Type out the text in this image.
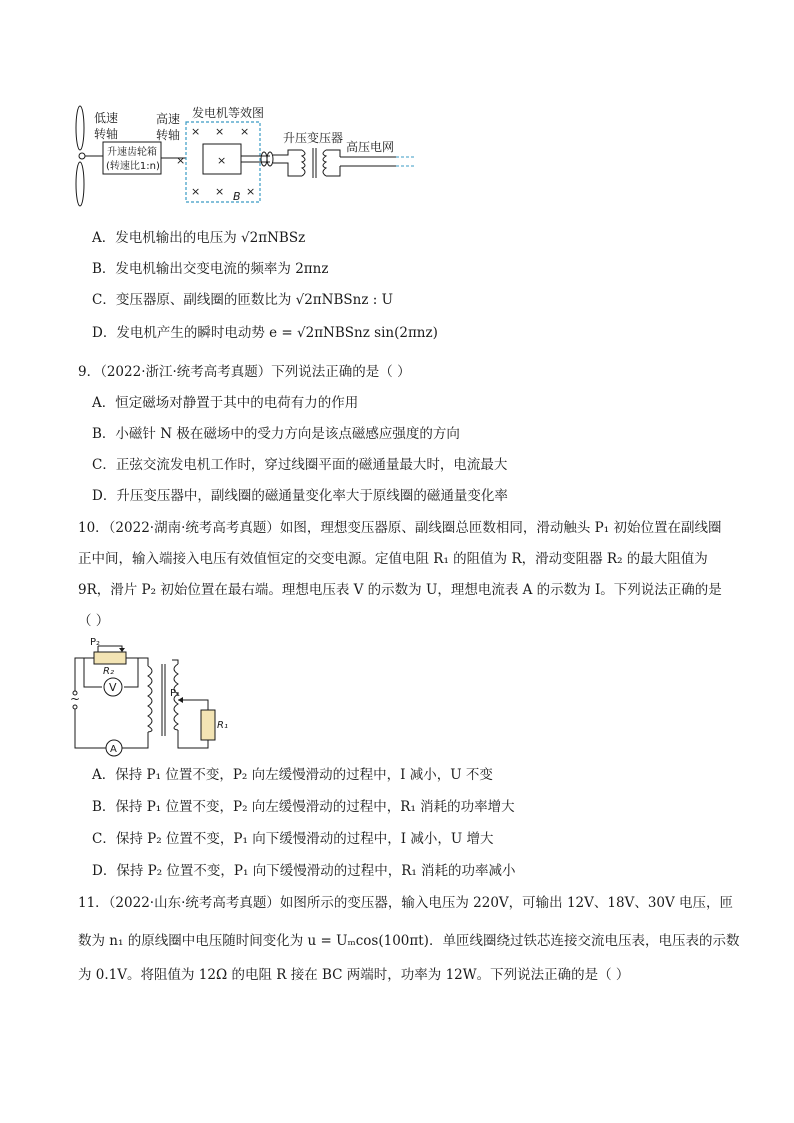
低速
转轴
升速齿轮箱
(转速比1:n)
高速
转轴
发电机等效图
× × ×
×	×
× × ×
B
升压变压器
高压电网
A．发电机输出的电压为 √2πNBSz
B．发电机输出交变电流的频率为 2πnz
C．变压器原、副线圈的匝数比为 √2πNBSnz : U
D．发电机产生的瞬时电动势 e = √2πNBSnz sin(2πnz)
9．（2022·浙江·统考高考真题）下列说法正确的是（ ）
A．恒定磁场对静置于其中的电荷有力的作用
B．小磁针 N 极在磁场中的受力方向是该点磁感应强度的方向
C．正弦交流发电机工作时，穿过线圈平面的磁通量最大时，电流最大
D．升压变压器中，副线圈的磁通量变化率大于原线圈的磁通量变化率
10．（2022·湖南·统考高考真题）如图，理想变压器原、副线圈总匝数相同，滑动触头 P₁ 初始位置在副线圈
正中间，输入端接入电压有效值恒定的交变电源。定值电阻 R₁ 的阻值为 R，滑动变阻器 R₂ 的最大阻值为
9R，滑片 P₂ 初始位置在最右端。理想电压表 V 的示数为 U，理想电流表 A 的示数为 I。下列说法正确的是
（ ）
V
A
~
P₂
R₂
P₁
R₁
A．保持 P₁ 位置不变，P₂ 向左缓慢滑动的过程中，I 减小，U 不变
B．保持 P₁ 位置不变，P₂ 向左缓慢滑动的过程中，R₁ 消耗的功率增大
C．保持 P₂ 位置不变，P₁ 向下缓慢滑动的过程中，I 减小，U 增大
D．保持 P₂ 位置不变，P₁ 向下缓慢滑动的过程中，R₁ 消耗的功率减小
11．（2022·山东·统考高考真题）如图所示的变压器，输入电压为 220V，可输出 12V、18V、30V 电压，匝
数为 n₁ 的原线圈中电压随时间变化为 u = Uₘcos(100πt)．单匝线圈绕过铁芯连接交流电压表，电压表的示数
为 0.1V。将阻值为 12Ω 的电阻 R 接在 BC 两端时，功率为 12W。下列说法正确的是（ ）
